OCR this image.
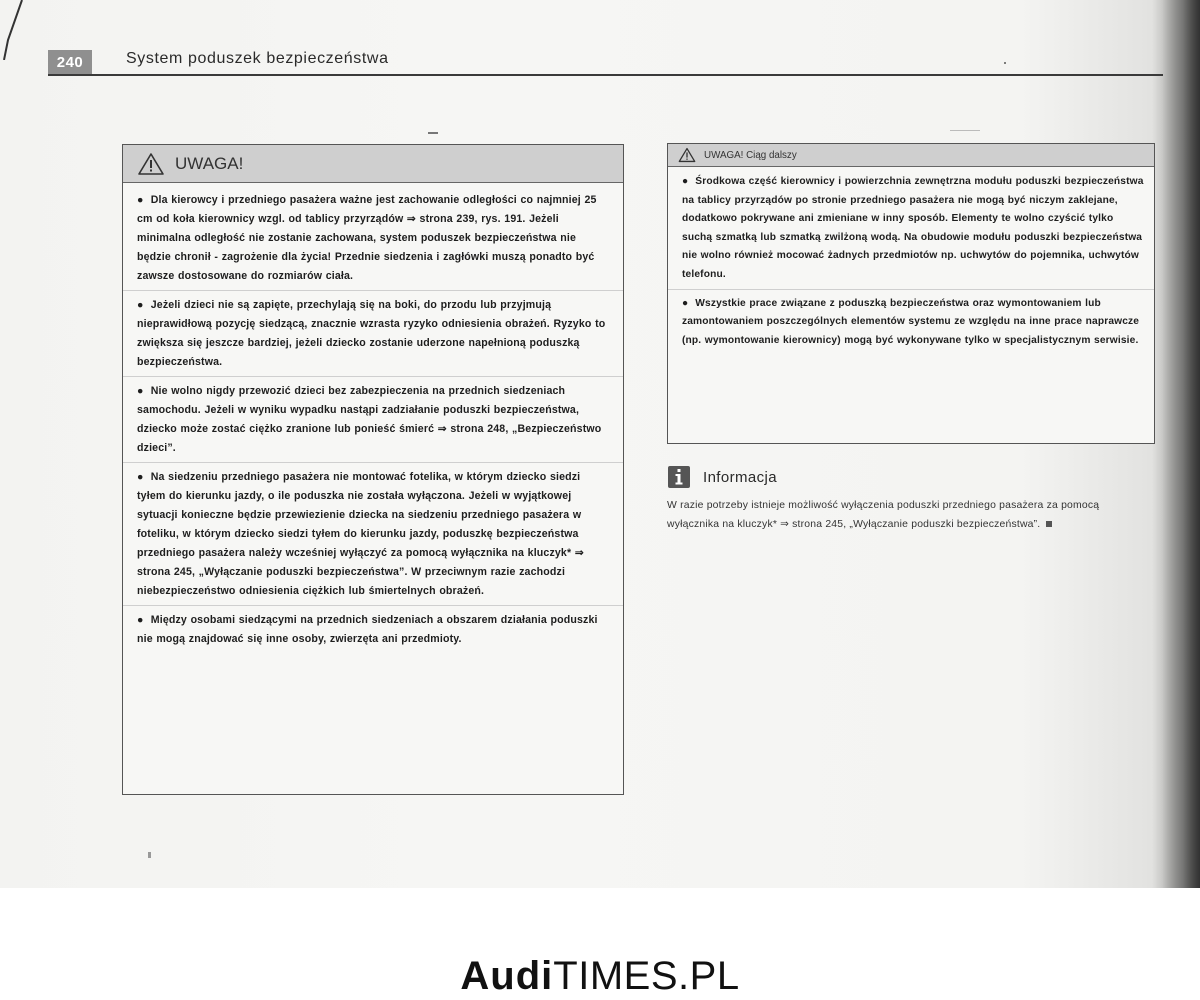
240	System poduszek bezpieczeństwa
UWAGA!

●  Dla kierowcy i przedniego pasażera ważne jest zachowanie odległości co najmniej 25 cm od koła kierownicy wzgl. od tablicy przyrządów ⇒ strona 239, rys. 191. Jeżeli minimalna odległość nie zostanie zachowana, system poduszek bezpieczeństwa nie będzie chronił - zagrożenie dla życia! Przednie siedzenia i zagłówki muszą ponadto być zawsze dostosowane do rozmiarów ciała.

●  Jeżeli dzieci nie są zapięte, przechylają się na boki, do przodu lub przyjmują nieprawidłową pozycję siedzącą, znacznie wzrasta ryzyko odniesienia obrażeń. Ryzyko to zwiększa się jeszcze bardziej, jeżeli dziecko zostanie uderzone napełnioną poduszką bezpieczeństwa.

●  Nie wolno nigdy przewozić dzieci bez zabezpieczenia na przednich siedzeniach samochodu. Jeżeli w wyniku wypadku nastąpi zadziałanie poduszki bezpieczeństwa, dziecko może zostać ciężko zranione lub ponieść śmierć ⇒ strona 248, „Bezpieczeństwo dzieci”.

●  Na siedzeniu przedniego pasażera nie montować fotelika, w którym dziecko siedzi tyłem do kierunku jazdy, o ile poduszka nie została wyłączona. Jeżeli w wyjątkowej sytuacji konieczne będzie przewiezienie dziecka na siedzeniu przedniego pasażera w foteliku, w którym dziecko siedzi tyłem do kierunku jazdy, poduszkę bezpieczeństwa przedniego pasażera należy wcześniej wyłączyć za pomocą wyłącznika na kluczyk* ⇒ strona 245, „Wyłączanie poduszki bezpieczeństwa”. W przeciwnym razie zachodzi niebezpieczeństwo odniesienia ciężkich lub śmiertelnych obrażeń.

●  Między osobami siedzącymi na przednich siedzeniach a obszarem działania poduszki nie mogą znajdować się inne osoby, zwierzęta ani przedmioty.

UWAGA! Ciąg dalszy

●  Środkowa część kierownicy i powierzchnia zewnętrzna modułu poduszki bezpieczeństwa na tablicy przyrządów po stronie przedniego pasażera nie mogą być niczym zaklejane, dodatkowo pokrywane ani zmieniane w inny sposób. Elementy te wolno czyścić tylko suchą szmatką lub szmatką zwilżoną wodą. Na obudowie modułu poduszki bezpieczeństwa nie wolno również mocować żadnych przedmiotów np. uchwytów do pojemnika, uchwytów telefonu.

●  Wszystkie prace związane z poduszką bezpieczeństwa oraz wymontowaniem lub zamontowaniem poszczególnych elementów systemu ze względu na inne prace naprawcze (np. wymontowanie kierownicy) mogą być wykonywane tylko w specjalistycznym serwisie.

Informacja
W razie potrzeby istnieje możliwość wyłączenia poduszki przedniego pasażera za pomocą wyłącznika na kluczyk* ⇒ strona 245, „Wyłączanie poduszki bezpieczeństwa”.
AudiTIMES.PL
